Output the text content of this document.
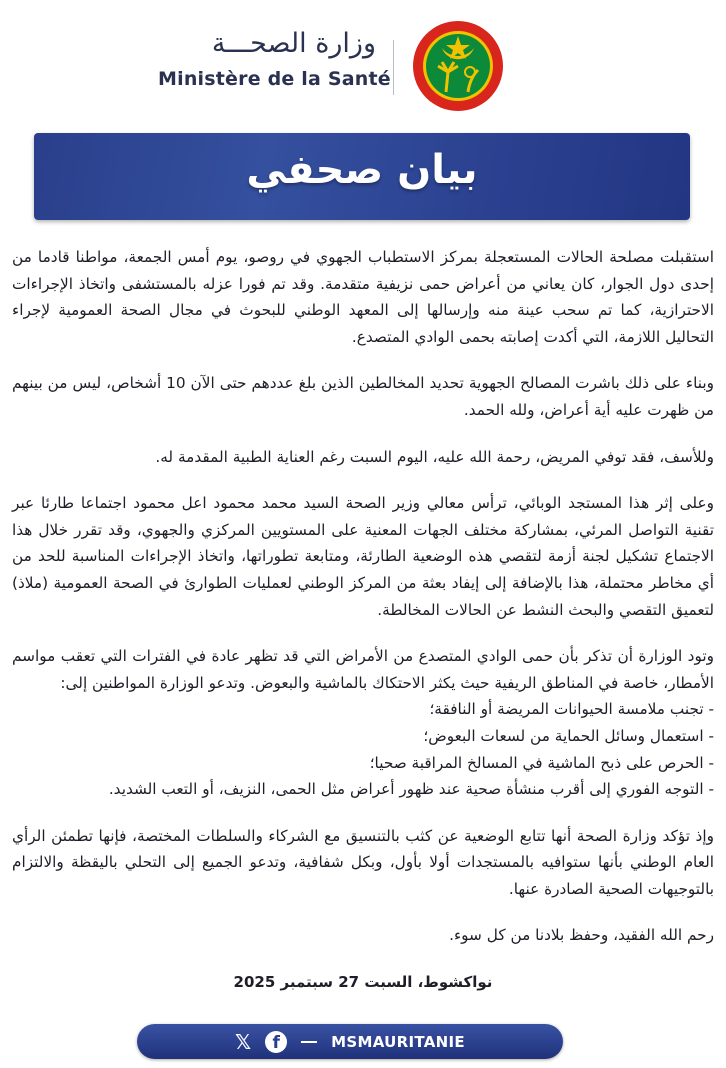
وزارة الصحـــة
Ministère de la Santé
بيان صحفي

استقبلت مصلحة الحالات المستعجلة بمركز الاستطباب الجهوي في روصو، يوم أمس الجمعة، مواطنا قادما من إحدى دول الجوار، كان يعاني من أعراض حمى نزيفية متقدمة. وقد تم فورا عزله بالمستشفى واتخاذ الإجراءات الاحترازية، كما تم سحب عينة منه وإرسالها إلى المعهد الوطني للبحوث في مجال الصحة العمومية لإجراء التحاليل اللازمة، التي أكدت إصابته بحمى الوادي المتصدع.

وبناء على ذلك باشرت المصالح الجهوية تحديد المخالطين الذين بلغ عددهم حتى الآن 10 أشخاص، ليس من بينهم من ظهرت عليه أية أعراض، ولله الحمد.

وللأسف، فقد توفي المريض، رحمة الله عليه، اليوم السبت رغم العناية الطبية المقدمة له.

وعلى إثر هذا المستجد الوبائي، ترأس معالي وزير الصحة السيد محمد محمود اعل محمود اجتماعا طارئا عبر تقنية التواصل المرئي، بمشاركة مختلف الجهات المعنية على المستويين المركزي والجهوي، وقد تقرر خلال هذا الاجتماع تشكيل لجنة أزمة لتقصي هذه الوضعية الطارئة، ومتابعة تطوراتها، واتخاذ الإجراءات المناسبة للحد من أي مخاطر محتملة، هذا بالإضافة إلى إيفاد بعثة من المركز الوطني لعمليات الطوارئ في الصحة العمومية (ملاذ) لتعميق التقصي والبحث النشط عن الحالات المخالطة.

وتود الوزارة أن تذكر بأن حمى الوادي المتصدع من الأمراض التي قد تظهر عادة في الفترات التي تعقب مواسم الأمطار، خاصة في المناطق الريفية حيث يكثر الاحتكاك بالماشية والبعوض. وتدعو الوزارة المواطنين إلى:

- تجنب ملامسة الحيوانات المريضة أو النافقة؛
- استعمال وسائل الحماية من لسعات البعوض؛
- الحرص على ذبح الماشية في المسالخ المراقبة صحيا؛
- التوجه الفوري إلى أقرب منشأة صحية عند ظهور أعراض مثل الحمى، النزيف، أو التعب الشديد.

وإذ تؤكد وزارة الصحة أنها تتابع الوضعية عن كثب بالتنسيق مع الشركاء والسلطات المختصة، فإنها تطمئن الرأي العام الوطني بأنها ستوافيه بالمستجدات أولا بأول، وبكل شفافية، وتدعو الجميع إلى التحلي باليقظة والالتزام بالتوجيهات الصحية الصادرة عنها.

رحم الله الفقيد، وحفظ بلادنا من كل سوء.

نواكشوط، السبت 27 سبتمبر 2025
𝕏	f	MSMAURITANIE
